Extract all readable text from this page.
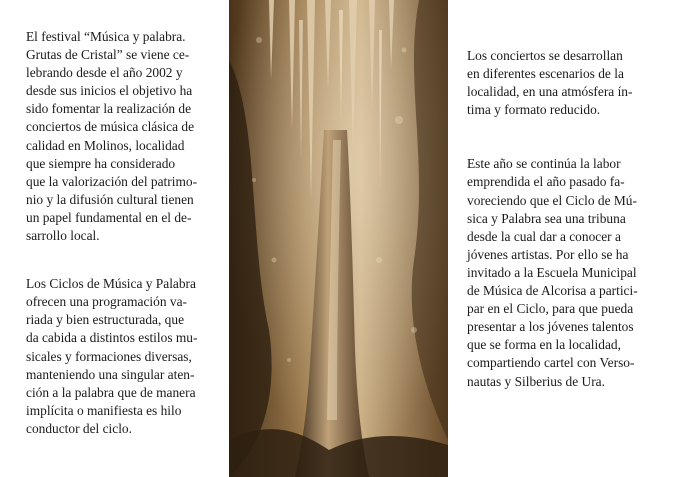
El festival “Música y palabra.
Grutas de Cristal” se viene ce-
lebrando desde el año 2002 y
desde sus inicios el objetivo ha
sido fomentar la realización de
conciertos de música clásica de
calidad en Molinos, localidad
que siempre ha considerado
que la valorización del patrimo-
nio y la difusión cultural tienen
un papel fundamental en el de-
sarrollo local.

Los Ciclos de Música y Palabra
ofrecen una programación va-
riada y bien estructurada, que
da cabida a distintos estilos mu-
sicales y formaciones diversas,
manteniendo una singular aten-
ción a la palabra que de manera
implícita o manifiesta es hilo
conductor del ciclo.

Los conciertos se desarrollan
en diferentes escenarios de la
localidad, en una atmósfera ín-
tima y formato reducido.

Este año se continúa la labor
emprendida el año pasado fa-
voreciendo que el Ciclo de Mú-
sica y Palabra sea una tribuna
desde la cual dar a conocer a
jóvenes artistas. Por ello se ha
invitado a la Escuela Municipal
de Música de Alcorisa a partici-
par en el Ciclo, para que pueda
presentar a los jóvenes talentos
que se forma en la localidad,
compartiendo cartel con Verso-
nautas y Silberius de Ura.
